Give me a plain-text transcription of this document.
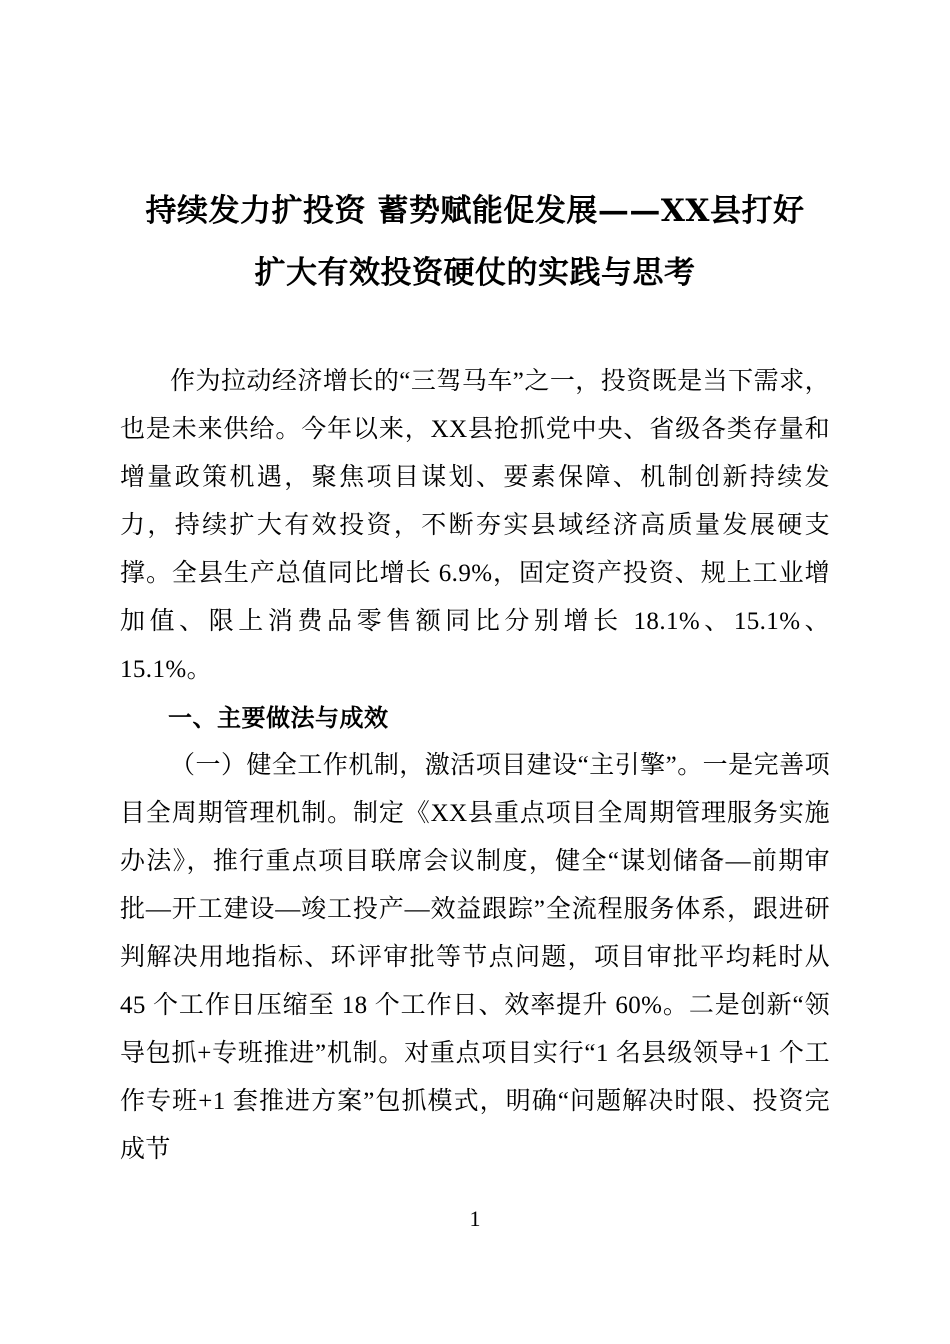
持续发力扩投资 蓄势赋能促发展——XX县打好扩大有效投资硬仗的实践与思考

作为拉动经济增长的“三驾马车”之一，投资既是当下需求，也是未来供给。今年以来，XX县抢抓党中央、省级各类存量和增量政策机遇，聚焦项目谋划、要素保障、机制创新持续发力，持续扩大有效投资，不断夯实县域经济高质量发展硬支撑。全县生产总值同比增长 6.9%，固定资产投资、规上工业增加值、限上消费品零售额同比分别增长 18.1%、15.1%、15.1%。

一、主要做法与成效

（一）健全工作机制，激活项目建设“主引擎”。一是完善项目全周期管理机制。制定《XX县重点项目全周期管理服务实施办法》，推行重点项目联席会议制度，健全“谋划储备—前期审批—开工建设—竣工投产—效益跟踪”全流程服务体系，跟进研判解决用地指标、环评审批等节点问题，项目审批平均耗时从 45 个工作日压缩至 18 个工作日、效率提升 60%。二是创新“领导包抓+专班推进”机制。对重点项目实行“1 名县级领导+1 个工作专班+1 套推进方案”包抓模式，明确“问题解决时限、投资完成节

1
